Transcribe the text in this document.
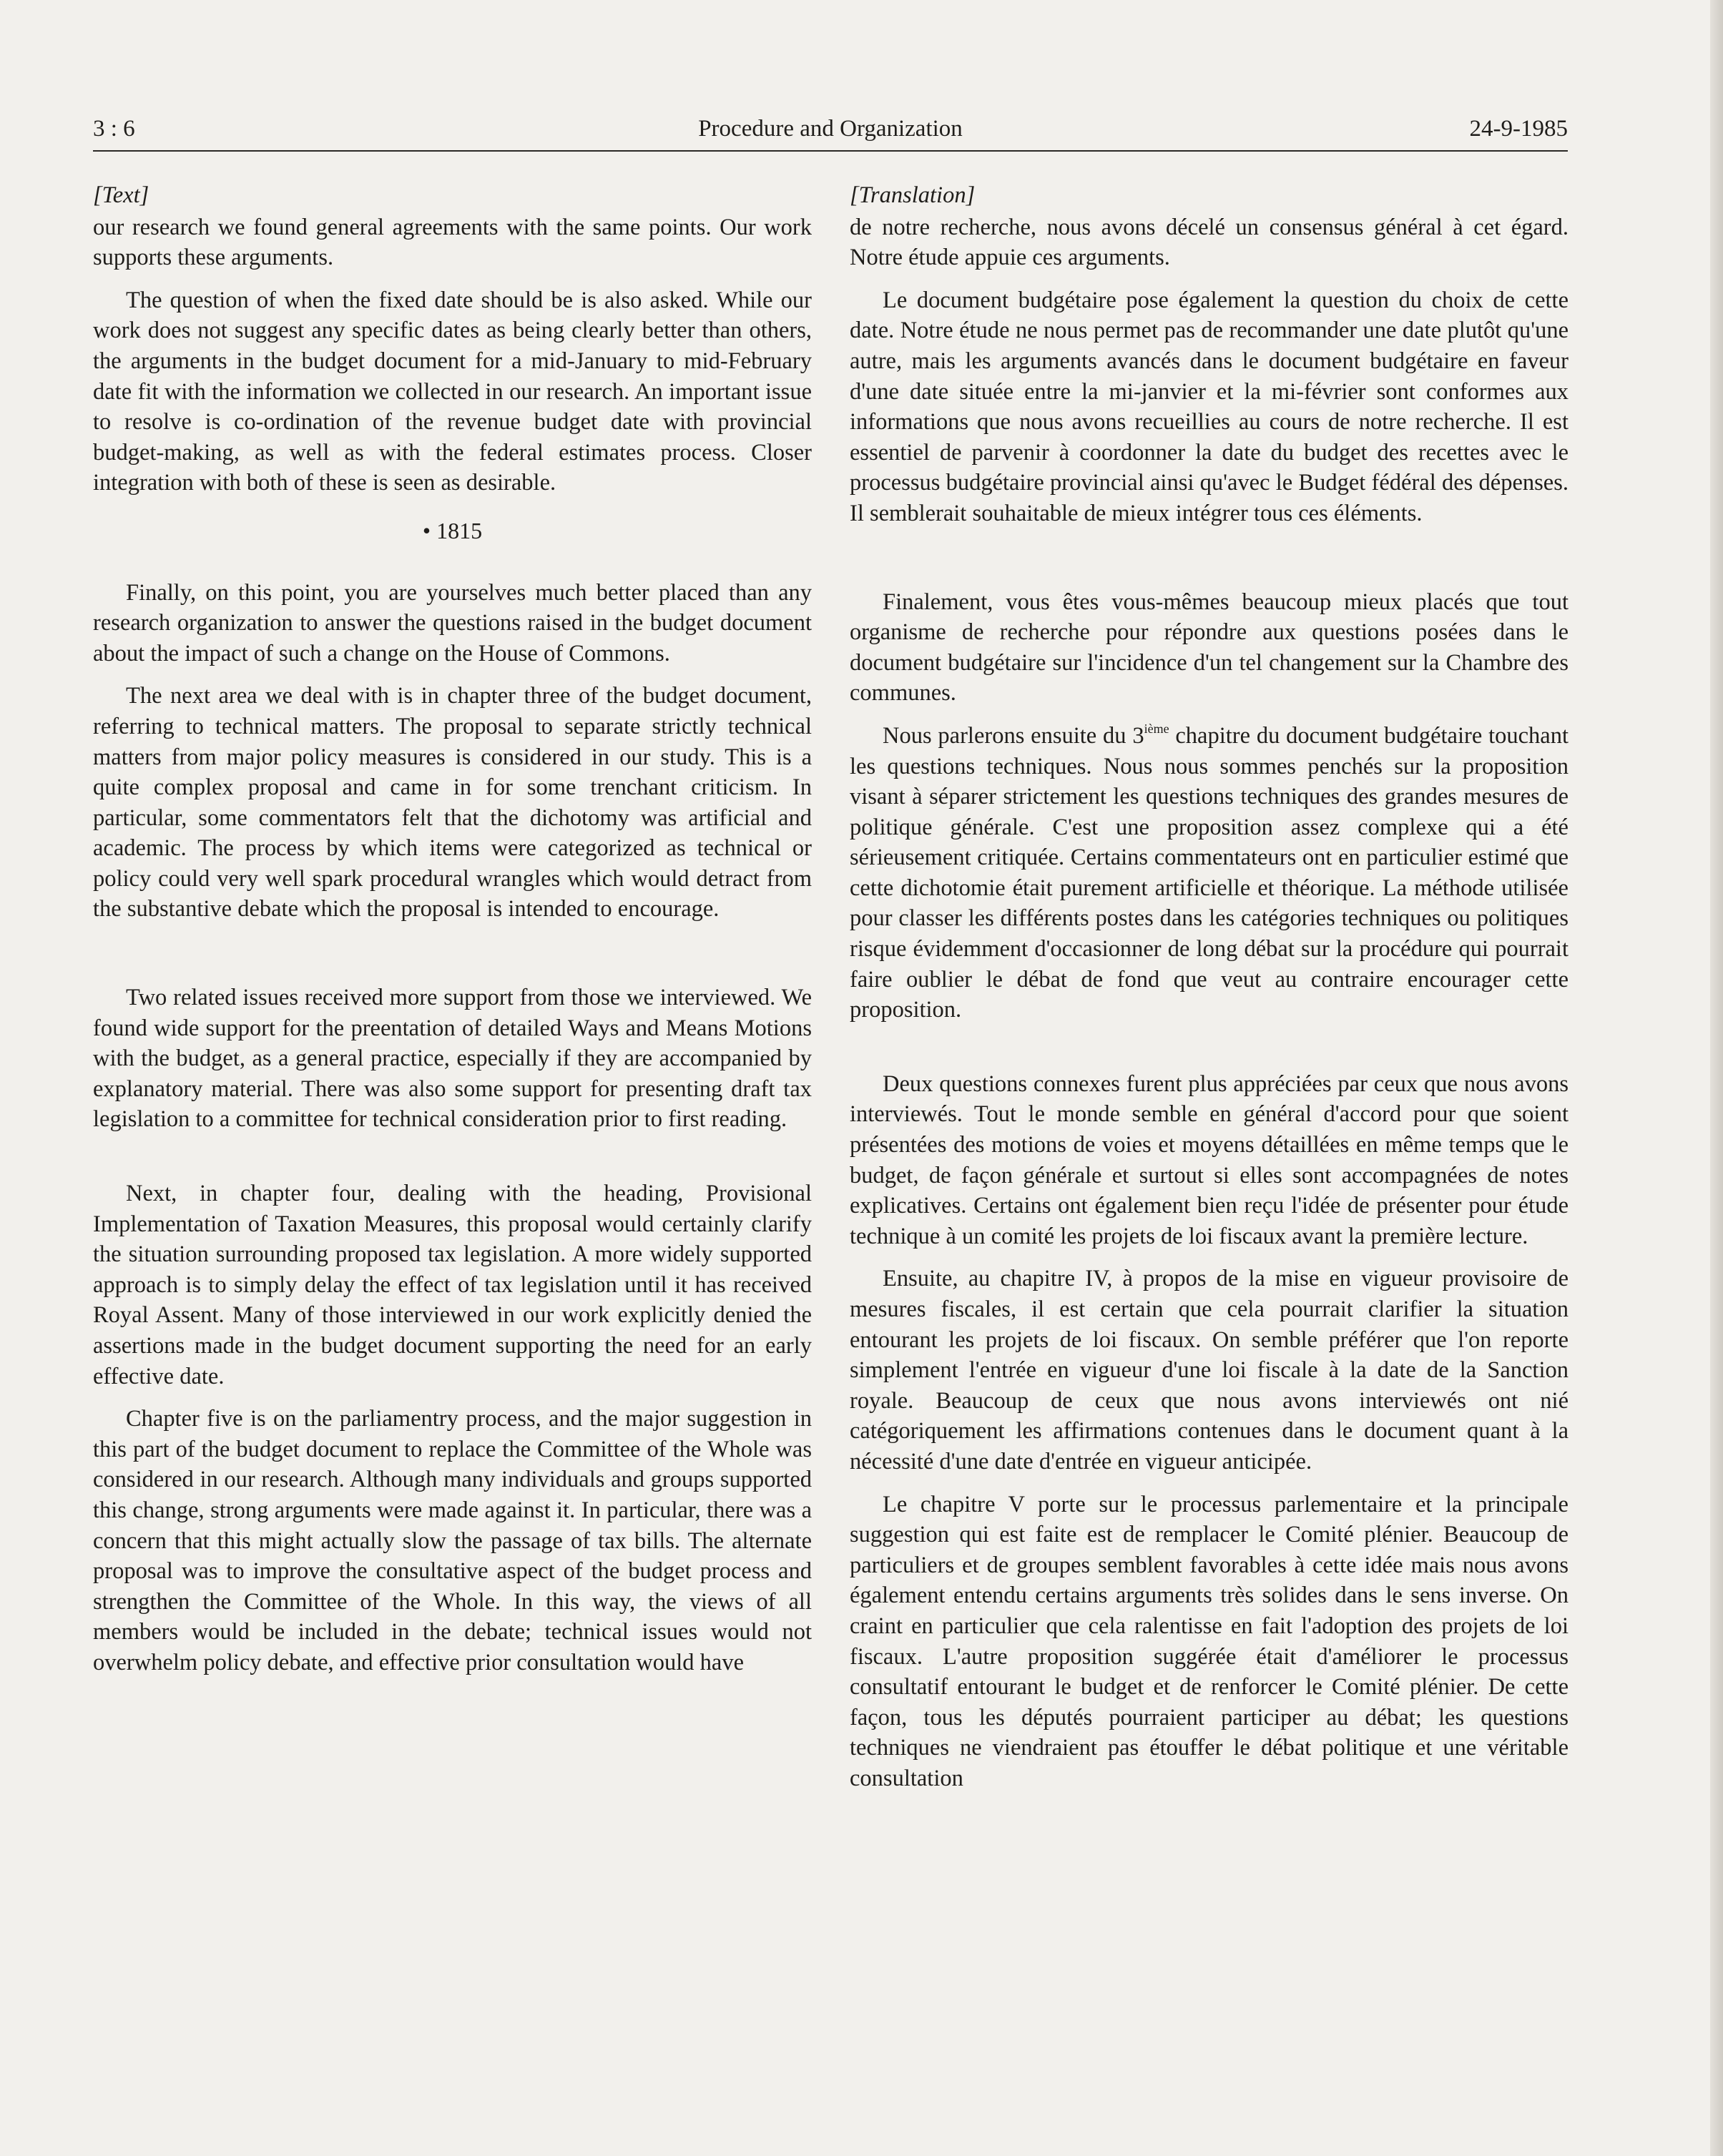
3 : 6	Procedure and Organization	24-9-1985
[Text]

our research we found general agreements with the same points. Our work supports these arguments.

The question of when the fixed date should be is also asked. While our work does not suggest any specific dates as being clearly better than others, the arguments in the budget document for a mid-January to mid-February date fit with the information we collected in our research. An important issue to resolve is co-ordination of the revenue budget date with provincial budget-making, as well as with the federal estimates process. Closer integration with both of these is seen as desirable.

• 1815

Finally, on this point, you are yourselves much better placed than any research organization to answer the questions raised in the budget document about the impact of such a change on the House of Commons.

The next area we deal with is in chapter three of the budget document, referring to technical matters. The proposal to separate strictly technical matters from major policy measures is considered in our study. This is a quite complex proposal and came in for some trenchant criticism. In particular, some commentators felt that the dichotomy was artificial and academic. The process by which items were categorized as technical or policy could very well spark procedural wrangles which would detract from the substantive debate which the proposal is intended to encourage.

Two related issues received more support from those we interviewed. We found wide support for the preentation of detailed Ways and Means Motions with the budget, as a general practice, especially if they are accompanied by explanatory material. There was also some support for presenting draft tax legislation to a committee for technical consideration prior to first reading.

Next, in chapter four, dealing with the heading, Provisional Implementation of Taxation Measures, this proposal would certainly clarify the situation surrounding proposed tax legislation. A more widely supported approach is to simply delay the effect of tax legislation until it has received Royal Assent. Many of those interviewed in our work explicitly denied the assertions made in the budget document supporting the need for an early effective date.

Chapter five is on the parliamentry process, and the major suggestion in this part of the budget document to replace the Committee of the Whole was considered in our research. Although many individuals and groups supported this change, strong arguments were made against it. In particular, there was a concern that this might actually slow the passage of tax bills. The alternate proposal was to improve the consultative aspect of the budget process and strengthen the Committee of the Whole. In this way, the views of all members would be included in the debate; technical issues would not overwhelm policy debate, and effective prior consultation would have

[Translation]

de notre recherche, nous avons décelé un consensus général à cet égard. Notre étude appuie ces arguments.

Le document budgétaire pose également la question du choix de cette date. Notre étude ne nous permet pas de recommander une date plutôt qu'une autre, mais les arguments avancés dans le document budgétaire en faveur d'une date située entre la mi-janvier et la mi-février sont conformes aux informations que nous avons recueillies au cours de notre recherche. Il est essentiel de parvenir à coordonner la date du budget des recettes avec le processus budgétaire provincial ainsi qu'avec le Budget fédéral des dépenses. Il semblerait souhaitable de mieux intégrer tous ces éléments.

Finalement, vous êtes vous-mêmes beaucoup mieux placés que tout organisme de recherche pour répondre aux questions posées dans le document budgétaire sur l'incidence d'un tel changement sur la Chambre des communes.

Nous parlerons ensuite du 3ième chapitre du document budgétaire touchant les questions techniques. Nous nous sommes penchés sur la proposition visant à séparer strictement les questions techniques des grandes mesures de politique générale. C'est une proposition assez complexe qui a été sérieusement critiquée. Certains commentateurs ont en particulier estimé que cette dichotomie était purement artificielle et théorique. La méthode utilisée pour classer les différents postes dans les catégories techniques ou politiques risque évidemment d'occasionner de long débat sur la procédure qui pourrait faire oublier le débat de fond que veut au contraire encourager cette proposition.

Deux questions connexes furent plus appréciées par ceux que nous avons interviewés. Tout le monde semble en général d'accord pour que soient présentées des motions de voies et moyens détaillées en même temps que le budget, de façon générale et surtout si elles sont accompagnées de notes explicatives. Certains ont également bien reçu l'idée de présenter pour étude technique à un comité les projets de loi fiscaux avant la première lecture.

Ensuite, au chapitre IV, à propos de la mise en vigueur provisoire de mesures fiscales, il est certain que cela pourrait clarifier la situation entourant les projets de loi fiscaux. On semble préférer que l'on reporte simplement l'entrée en vigueur d'une loi fiscale à la date de la Sanction royale. Beaucoup de ceux que nous avons interviewés ont nié catégoriquement les affirmations contenues dans le document quant à la nécessité d'une date d'entrée en vigueur anticipée.

Le chapitre V porte sur le processus parlementaire et la principale suggestion qui est faite est de remplacer le Comité plénier. Beaucoup de particuliers et de groupes semblent favorables à cette idée mais nous avons également entendu certains arguments très solides dans le sens inverse. On craint en particulier que cela ralentisse en fait l'adoption des projets de loi fiscaux. L'autre proposition suggérée était d'améliorer le processus consultatif entourant le budget et de renforcer le Comité plénier. De cette façon, tous les députés pourraient participer au débat; les questions techniques ne viendraient pas étouffer le débat politique et une véritable consultation
